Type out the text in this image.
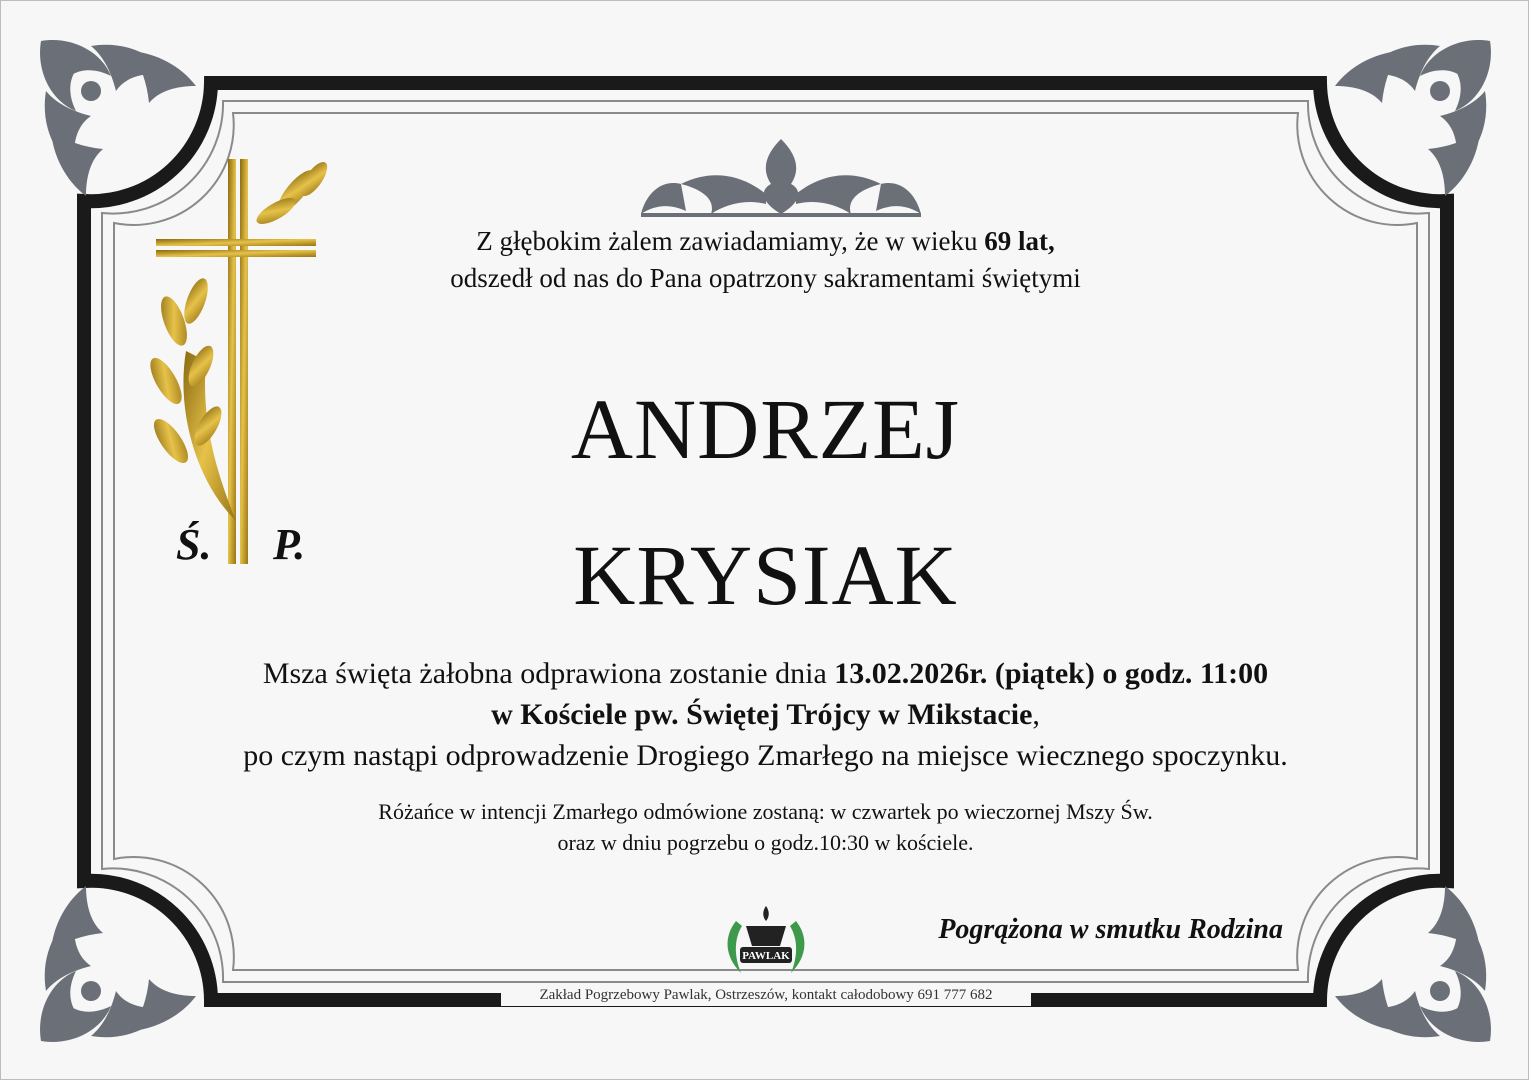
Ś. P.
Z głębokim żalem zawiadamiamy, że w wieku 69 lat,
odszedł od nas do Pana opatrzony sakramentami świętymi
ANDRZEJ
KRYSIAK
Msza święta żałobna odprawiona zostanie dnia 13.02.2026r. (piątek) o godz. 11:00
w Kościele pw. Świętej Trójcy w Mikstacie,
po czym nastąpi odprowadzenie Drogiego Zmarłego na miejsce wiecznego spoczynku.
Różańce w intencji Zmarłego odmówione zostaną: w czwartek po wieczornej Mszy Św.
oraz w dniu pogrzebu o godz.10:30 w kościele.
PAWLAK
Pogrążona w smutku Rodzina
Zakład Pogrzebowy Pawlak, Ostrzeszów, kontakt całodobowy 691 777 682
